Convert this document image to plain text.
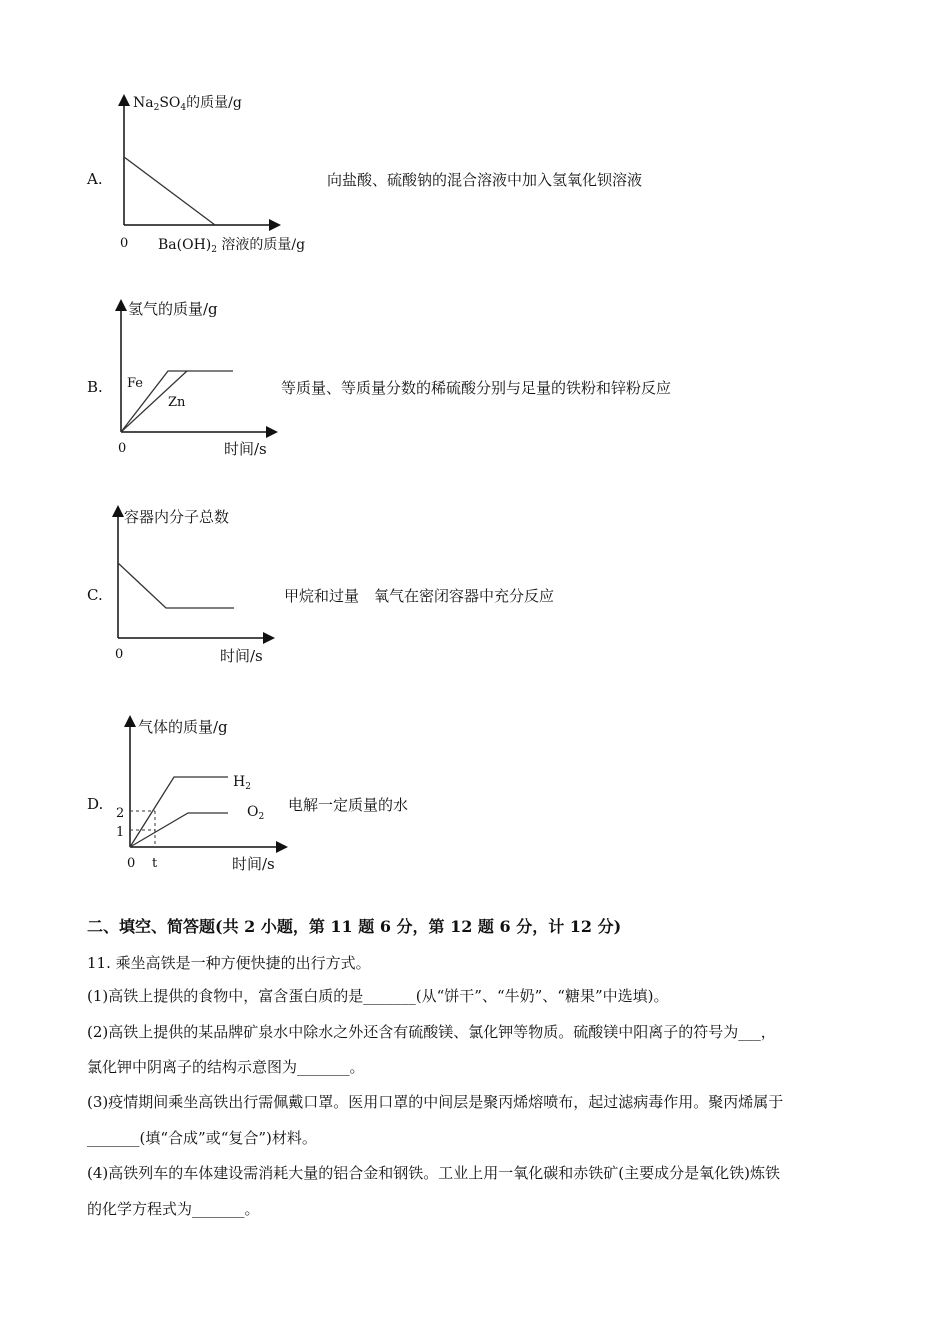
A.
$Na_2SO_4$的质量/g
0 $Ba(OH)_2$ 溶液的质量/g
向盐酸、硫酸钠的混合溶液中加入氢氧化钡溶液
B.
氢气的质量/g
Fe
Zn
0	时间/s
等质量、等质量分数的稀硫酸分别与足量的铁粉和锌粉反应
C.
容器内分子总数
0	时间/s
甲烷和过量　氧气在密闭容器中充分反应
D.
气体的质量/g
$H_2$
$O_2$
2
1
0 t	时间/s
电解一定质量的水
二、填空、简答题(共 2 小题，第 11 题 6 分，第 12 题 6 分，计 12 分)
11. 乘坐高铁是一种方便快捷的出行方式。
(1)高铁上提供的食物中，富含蛋白质的是_______(从“饼干”、“牛奶”、“糖果”中选填)。
(2)高铁上提供的某品牌矿泉水中除水之外还含有硫酸镁、氯化钾等物质。硫酸镁中阳离子的符号为___，
氯化钾中阴离子的结构示意图为_______。
(3)疫情期间乘坐高铁出行需佩戴口罩。医用口罩的中间层是聚丙烯熔喷布，起过滤病毒作用。聚丙烯属于
_______(填“合成”或“复合”)材料。
(4)高铁列车的车体建设需消耗大量的铝合金和钢铁。工业上用一氧化碳和赤铁矿(主要成分是氧化铁)炼铁
的化学方程式为_______。
